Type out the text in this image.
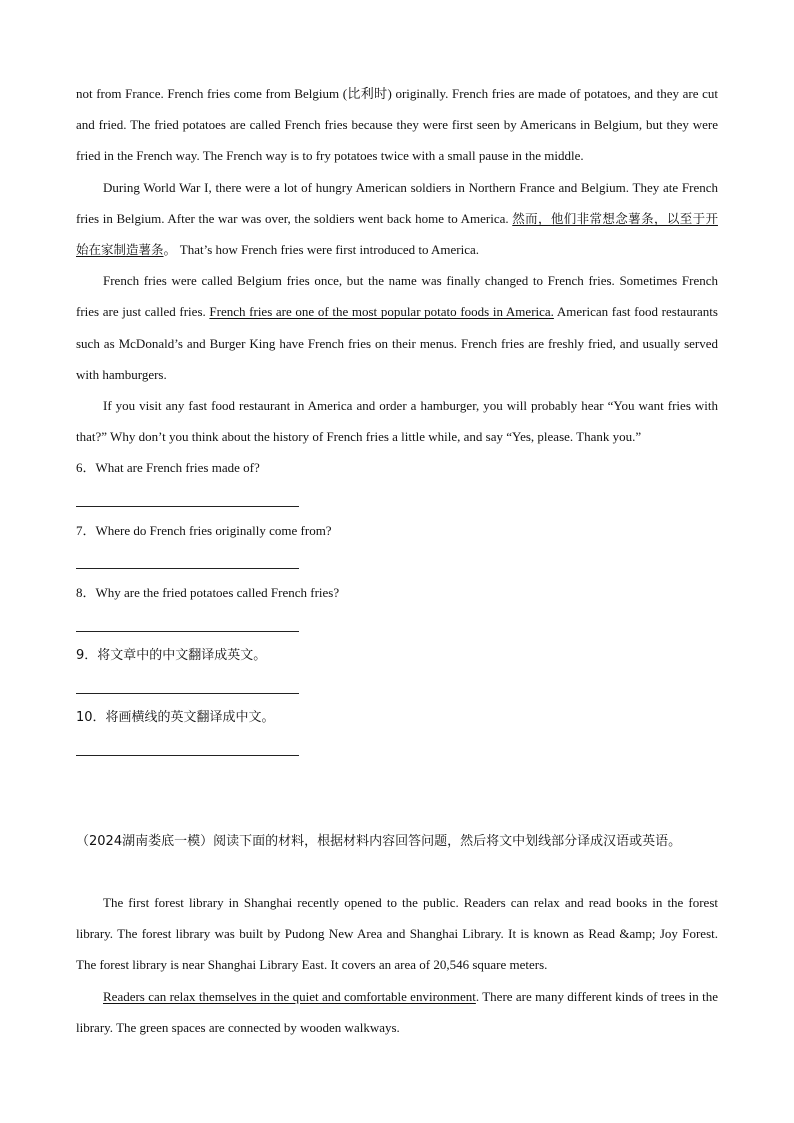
not from France. French fries come from Belgium (比利时) originally. French fries are made of potatoes, and they are cut and fried. The fried potatoes are called French fries because they were first seen by Americans in Belgium, but they were fried in the French way. The French way is to fry potatoes twice with a small pause in the middle.

During World War I, there were a lot of hungry American soldiers in Northern France and Belgium. They ate French fries in Belgium. After the war was over, the soldiers went back home to America. 然而，他们非常想念薯条，以至于开始在家制造薯条。 That’s how French fries were first introduced to America.

French fries were called Belgium fries once, but the name was finally changed to French fries. Sometimes French fries are just called fries. French fries are one of the most popular potato foods in America. American fast food restaurants such as McDonald’s and Burger King have French fries on their menus. French fries are freshly fried, and usually served with hamburgers.

If you visit any fast food restaurant in America and order a hamburger, you will probably hear “You want fries with that?” Why don’t you think about the history of French fries a little while, and say “Yes, please. Thank you.”

6．What are French fries made of?

7．Where do French fries originally come from?

8．Why are the fried potatoes called French fries?

9．将文章中的中文翻译成英文。

10．将画横线的英文翻译成中文。

（2024湖南娄底一模）阅读下面的材料，根据材料内容回答问题，然后将文中划线部分译成汉语或英语。

The first forest library in Shanghai recently opened to the public. Readers can relax and read books in the forest library. The forest library was built by Pudong New Area and Shanghai Library. It is known as Read &amp; Joy Forest. The forest library is near Shanghai Library East. It covers an area of 20,546 square meters.

Readers can relax themselves in the quiet and comfortable environment. There are many different kinds of trees in the library. The green spaces are connected by wooden walkways.
